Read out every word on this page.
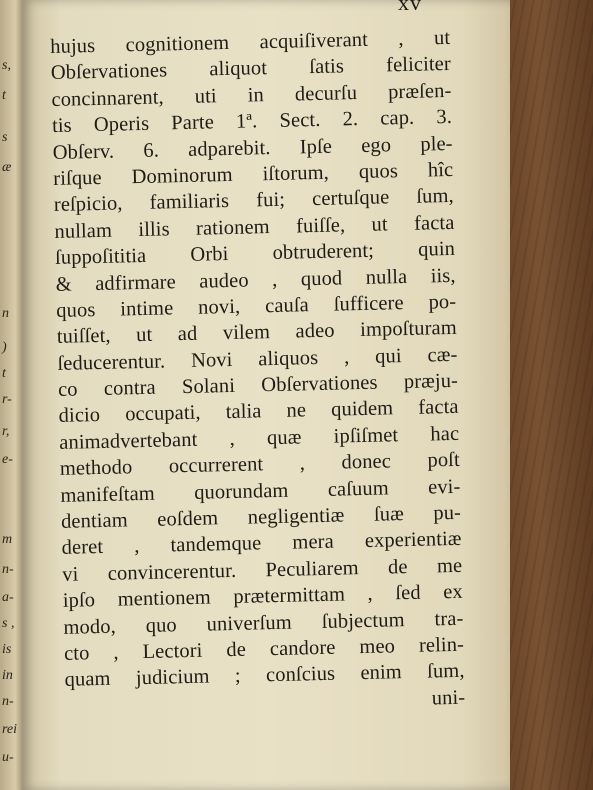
s,
t
s
æ
n
)
t
r-
r,
e-
m
n-
a-
s ,
is
in
n-
rei
u-
xv
hujus cognitionem acquiſiverant , ut
Obſervationes aliquot ſatis feliciter
concinnarent, uti in decurſu præſen-
tis Operis Parte 1ª. Sect. 2. cap. 3.
Obſerv. 6. adparebit. Ipſe ego ple-
riſque Dominorum iſtorum, quos hîc
reſpicio, familiaris fui; certuſque ſum,
nullam illis rationem fuiſſe, ut facta
ſuppoſititia Orbi obtruderent; quin
& adfirmare audeo , quod nulla iis,
quos intime novi, cauſa ſufficere po-
tuiſſet, ut ad vilem adeo impoſturam
ſeducerentur. Novi aliquos , qui cæ-
co contra Solani Obſervationes præju-
dicio occupati, talia ne quidem facta
animadvertebant , quæ ipſiſmet hac
methodo occurrerent , donec poſt
manifeſtam quorundam caſuum evi-
dentiam eoſdem negligentiæ ſuæ pu-
deret , tandemque mera experientiæ
vi convincerentur. Peculiarem de me
ipſo mentionem prætermittam , ſed ex
modo, quo univerſum ſubjectum tra-
cto , Lectori de candore meo relin-
quam judicium ; conſcius enim ſum,
uni-
